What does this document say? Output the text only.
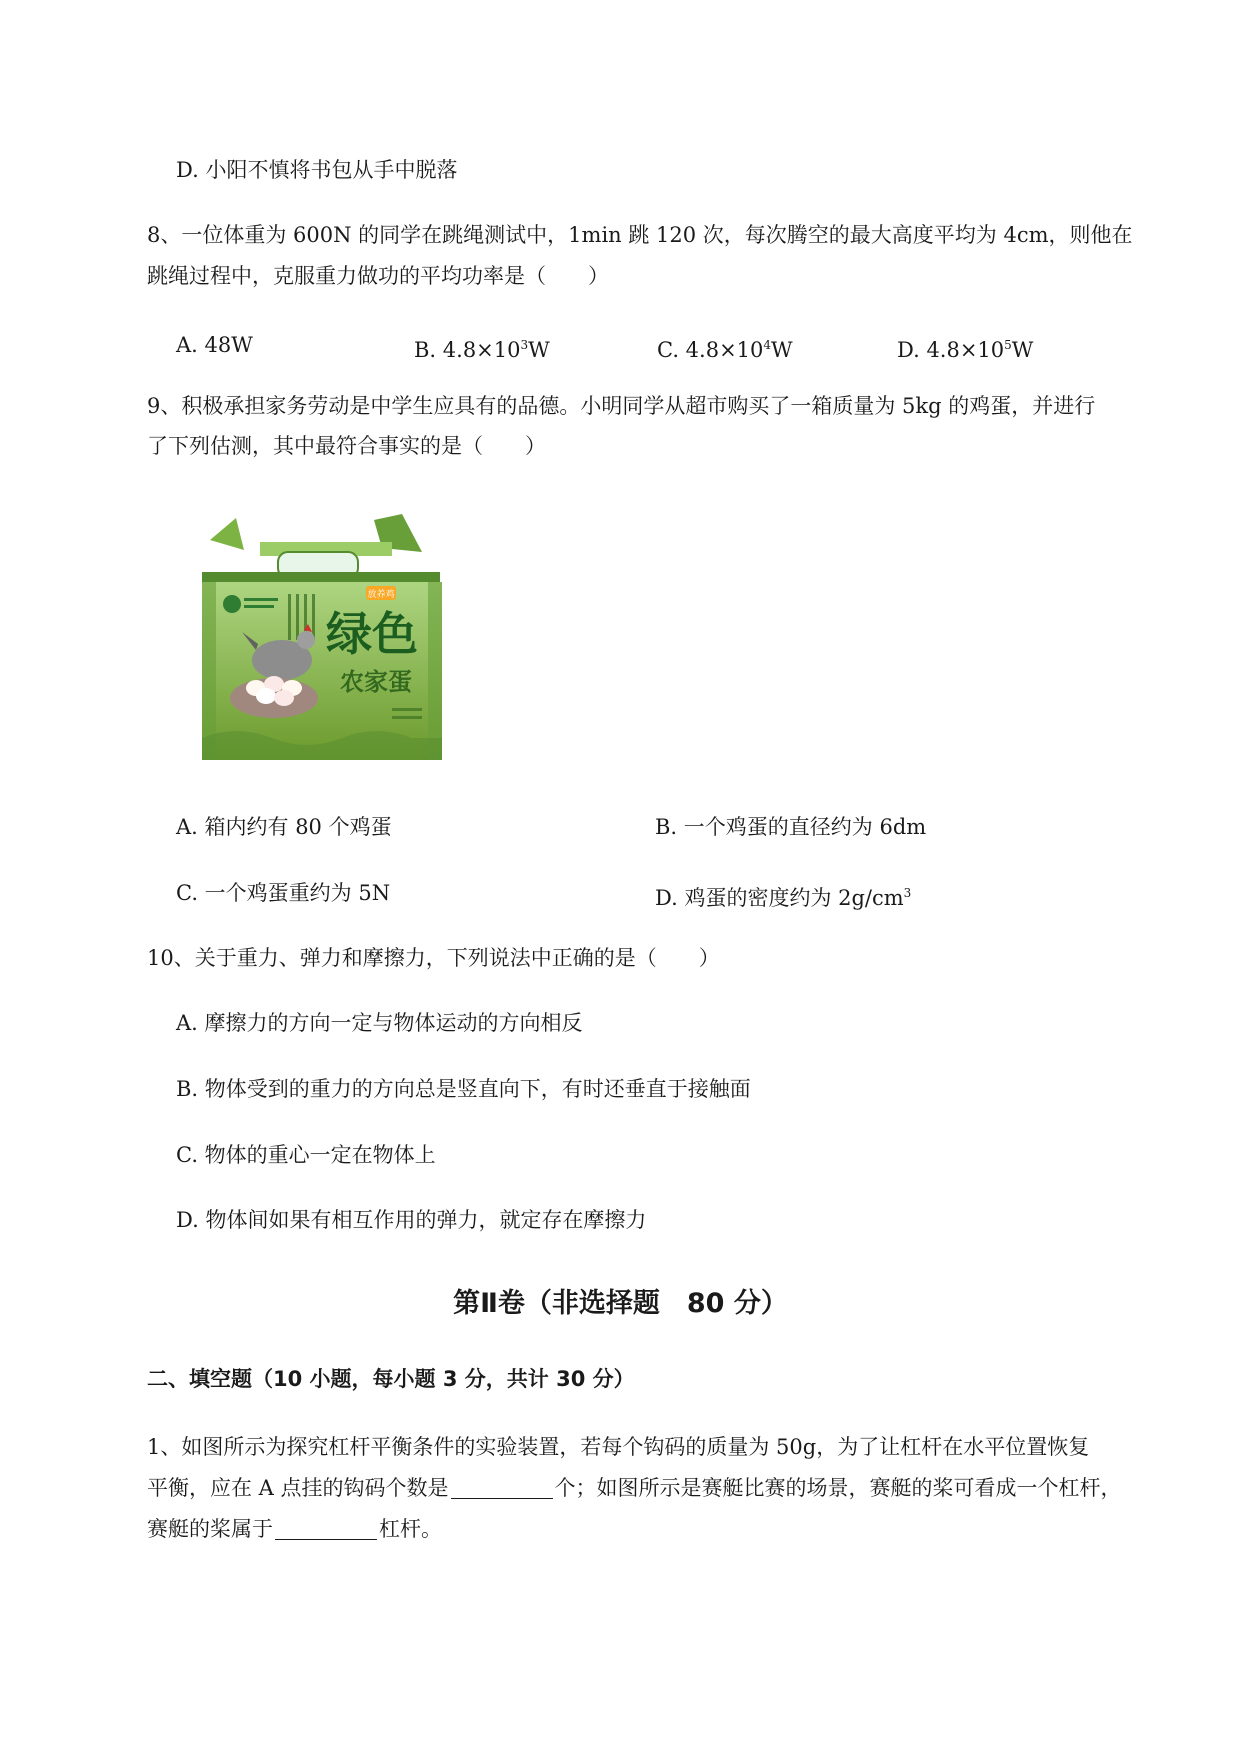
D. 小阳不慎将书包从手中脱落
8、一位体重为 600N 的同学在跳绳测试中，1min 跳 120 次，每次腾空的最大高度平均为 4cm，则他在
跳绳过程中，克服重力做功的平均功率是（　　）
A. 48W	B. $4.8\times 10^3W$	C. $4.8\times 10^4W$	D. $4.8\times 10^5W$
9、积极承担家务劳动是中学生应具有的品德。小明同学从超市购买了一箱质量为 5kg 的鸡蛋，并进行
了下列估测，其中最符合事实的是（　　）
放养鸡
绿色
农家蛋
A. 箱内约有 80 个鸡蛋	B. 一个鸡蛋的直径约为 6dm
C. 一个鸡蛋重约为 5N	D. 鸡蛋的密度约为 $2g/cm^3$
10、关于重力、弹力和摩擦力，下列说法中正确的是（　　）
A. 摩擦力的方向一定与物体运动的方向相反
B. 物体受到的重力的方向总是竖直向下，有时还垂直于接触面
C. 物体的重心一定在物体上
D. 物体间如果有相互作用的弹力，就定存在摩擦力
第Ⅱ卷（非选择题　80 分）
二、填空题（10 小题，每小题 3 分，共计 30 分）
1、如图所示为探究杠杆平衡条件的实验装置，若每个钩码的质量为 50g，为了让杠杆在水平位置恢复
平衡，应在 A 点挂的钩码个数是	个；如图所示是赛艇比赛的场景，赛艇的桨可看成一个杠杆，
赛艇的桨属于	杠杆。
